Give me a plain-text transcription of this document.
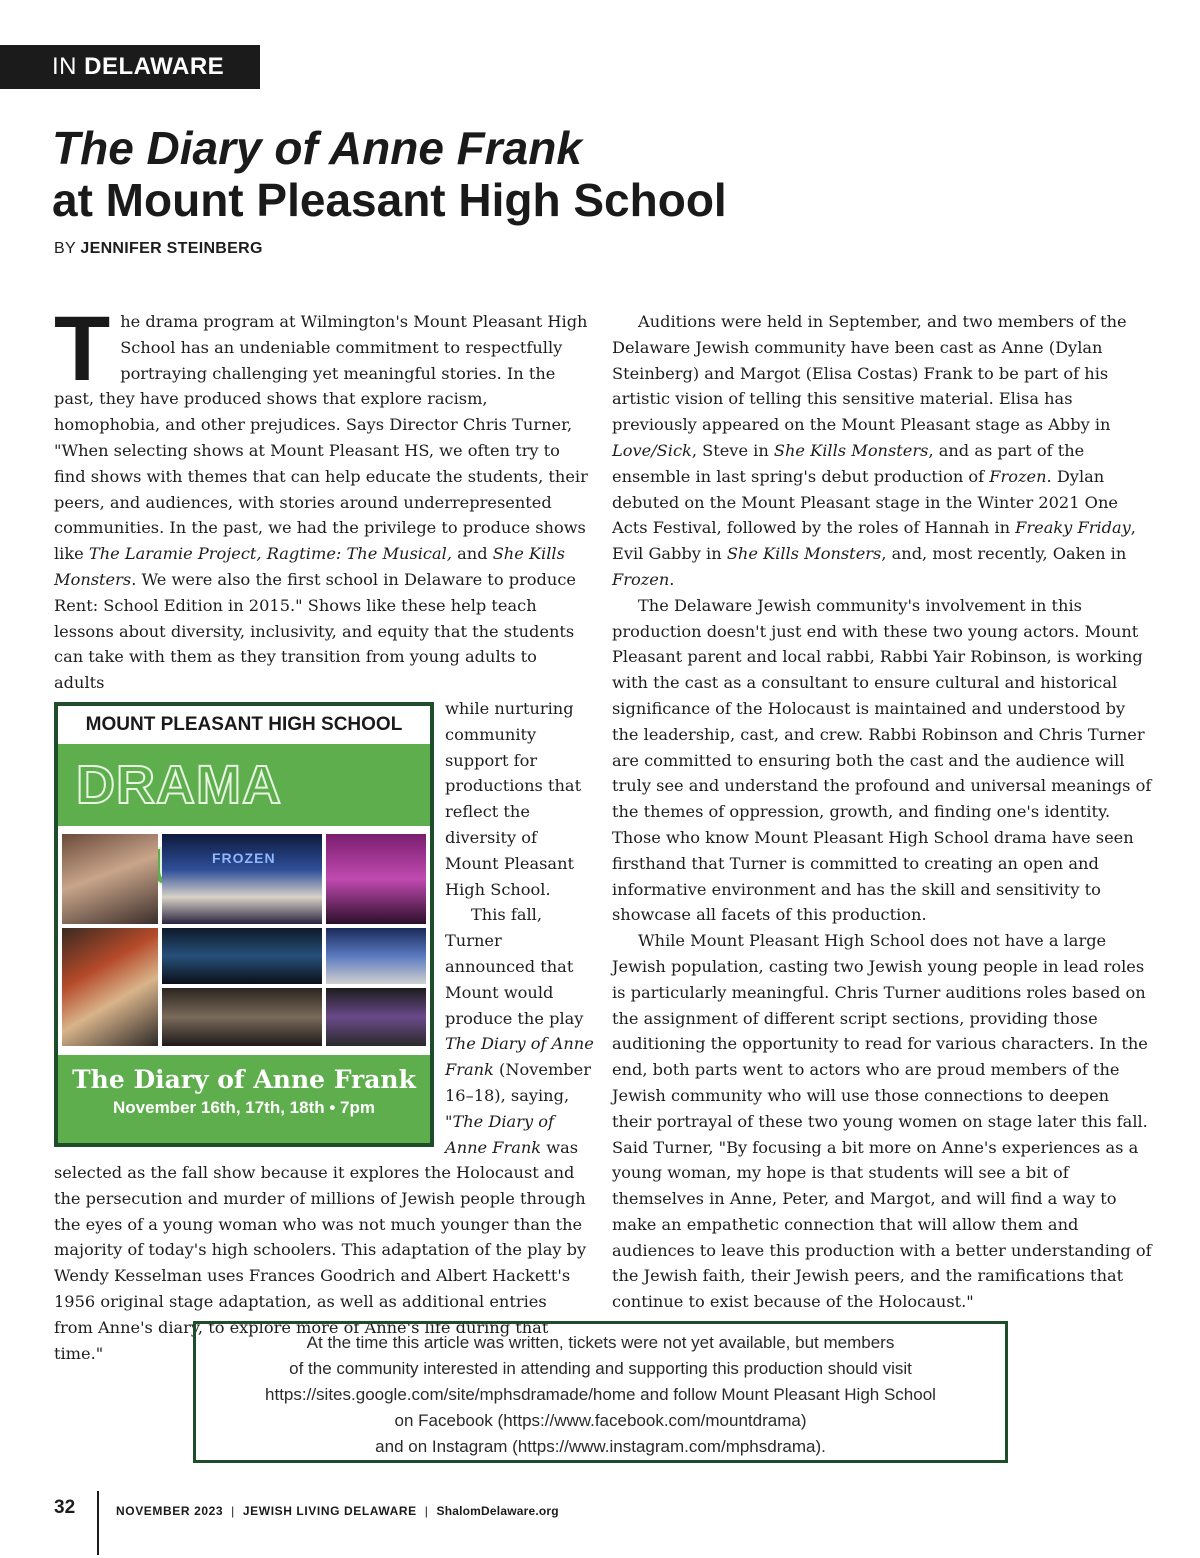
IN DELAWARE
The Diary of Anne Frank
at Mount Pleasant High School
BY JENNIFER STEINBERG

The drama program at Wilmington's Mount Pleasant High School has an undeniable commitment to respectfully portraying challenging yet meaningful stories. In the past, they have produced shows that explore racism, homophobia, and other prejudices. Says Director Chris Turner, "When selecting shows at Mount Pleasant HS, we often try to find shows with themes that can help educate the students, their peers, and audiences, with stories around underrepresented communities. In the past, we had the privilege to produce shows like The Laramie Project, Ragtime: The Musical, and She Kills Monsters. We were also the first school in Delaware to produce Rent: School Edition in 2015." Shows like these help teach lessons about diversity, inclusivity, and equity that the students can take with them as they transition from young adults to adults

MOUNT PLEASANT HIGH SCHOOL
DRAMA
FROZEN
The Diary of Anne Frank
November 16th, 17th, 18th • 7pm

while nurturing community support for productions that reflect the diversity of Mount Pleasant High School.
This fall, Turner announced that Mount would produce the play The Diary of Anne Frank (November 16–18), saying, "The Diary of Anne Frank was

selected as the fall show because it explores the Holocaust and the persecution and murder of millions of Jewish people through the eyes of a young woman who was not much younger than the majority of today's high schoolers. This adaptation of the play by Wendy Kesselman uses Frances Goodrich and Albert Hackett's 1956 original stage adaptation, as well as additional entries from Anne's diary, to explore more of Anne's life during that time."

Auditions were held in September, and two members of the Delaware Jewish community have been cast as Anne (Dylan Steinberg) and Margot (Elisa Costas) Frank to be part of his artistic vision of telling this sensitive material. Elisa has previously appeared on the Mount Pleasant stage as Abby in Love/Sick, Steve in She Kills Monsters, and as part of the ensemble in last spring's debut production of Frozen. Dylan debuted on the Mount Pleasant stage in the Winter 2021 One Acts Festival, followed by the roles of Hannah in Freaky Friday, Evil Gabby in She Kills Monsters, and, most recently, Oaken in Frozen.

The Delaware Jewish community's involvement in this production doesn't just end with these two young actors. Mount Pleasant parent and local rabbi, Rabbi Yair Robinson, is working with the cast as a consultant to ensure cultural and historical significance of the Holocaust is maintained and understood by the leadership, cast, and crew. Rabbi Robinson and Chris Turner are committed to ensuring both the cast and the audience will truly see and understand the profound and universal meanings of the themes of oppression, growth, and finding one's identity. Those who know Mount Pleasant High School drama have seen firsthand that Turner is committed to creating an open and informative environment and has the skill and sensitivity to showcase all facets of this production.

While Mount Pleasant High School does not have a large Jewish population, casting two Jewish young people in lead roles is particularly meaningful. Chris Turner auditions roles based on the assignment of different script sections, providing those auditioning the opportunity to read for various characters. In the end, both parts went to actors who are proud members of the Jewish community who will use those connections to deepen their portrayal of these two young women on stage later this fall. Said Turner, "By focusing a bit more on Anne's experiences as a young woman, my hope is that students will see a bit of themselves in Anne, Peter, and Margot, and will find a way to make an empathetic connection that will allow them and audiences to leave this production with a better understanding of the Jewish faith, their Jewish peers, and the ramifications that continue to exist because of the Holocaust."

At the time this article was written, tickets were not yet available, but members
of the community interested in attending and supporting this production should visit
https://sites.google.com/site/mphsdramade/home and follow Mount Pleasant High School
on Facebook (https://www.facebook.com/mountdrama)
and on Instagram (https://www.instagram.com/mphsdrama).
32	NOVEMBER 2023 | JEWISH LIVING DELAWARE | ShalomDelaware.org
